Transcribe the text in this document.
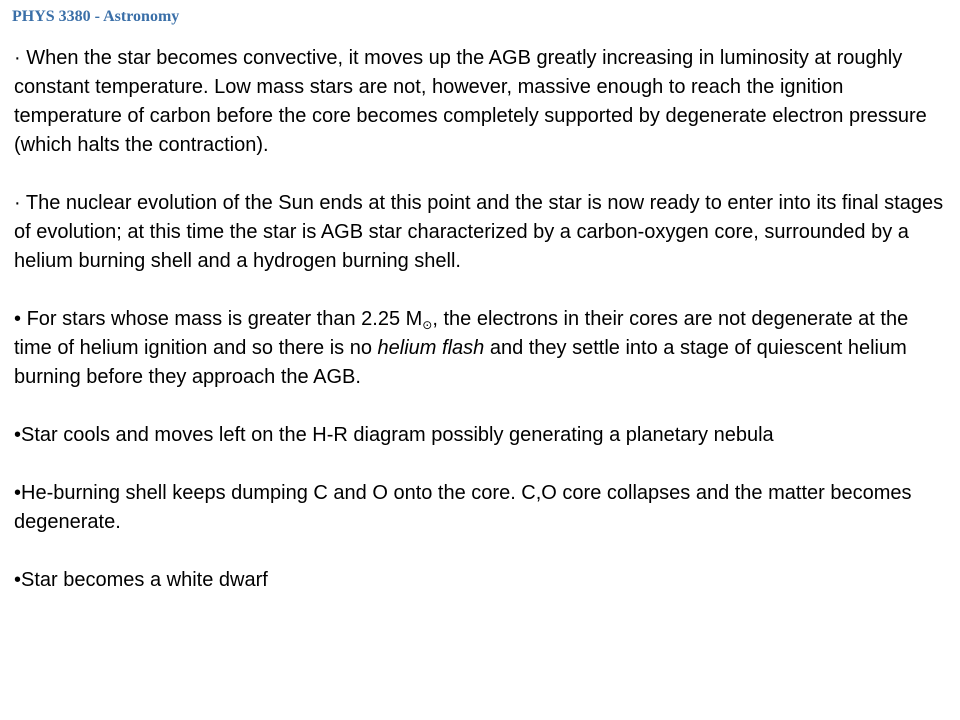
PHYS 3380 - Astronomy

· When the star becomes convective, it moves up the AGB greatly increasing in luminosity at roughly constant temperature. Low mass stars are not, however, massive enough to reach the ignition temperature of carbon before the core becomes completely supported by degenerate electron pressure (which halts the contraction).

· The nuclear evolution of the Sun ends at this point and the star is now ready to enter into its final stages of evolution; at this time the star is AGB star characterized by a carbon-oxygen core, surrounded by a helium burning shell and a hydrogen burning shell.

• For stars whose mass is greater than 2.25 $M_⊙$, the electrons in their cores are not degenerate at the time of helium ignition and so there is no helium flash and they settle into a stage of quiescent helium burning before they approach the AGB.

•Star cools and moves left on the H-R diagram possibly generating a planetary nebula

•He-burning shell keeps dumping C and O onto the core. C,O core collapses and the matter becomes degenerate.

•Star becomes a white dwarf
